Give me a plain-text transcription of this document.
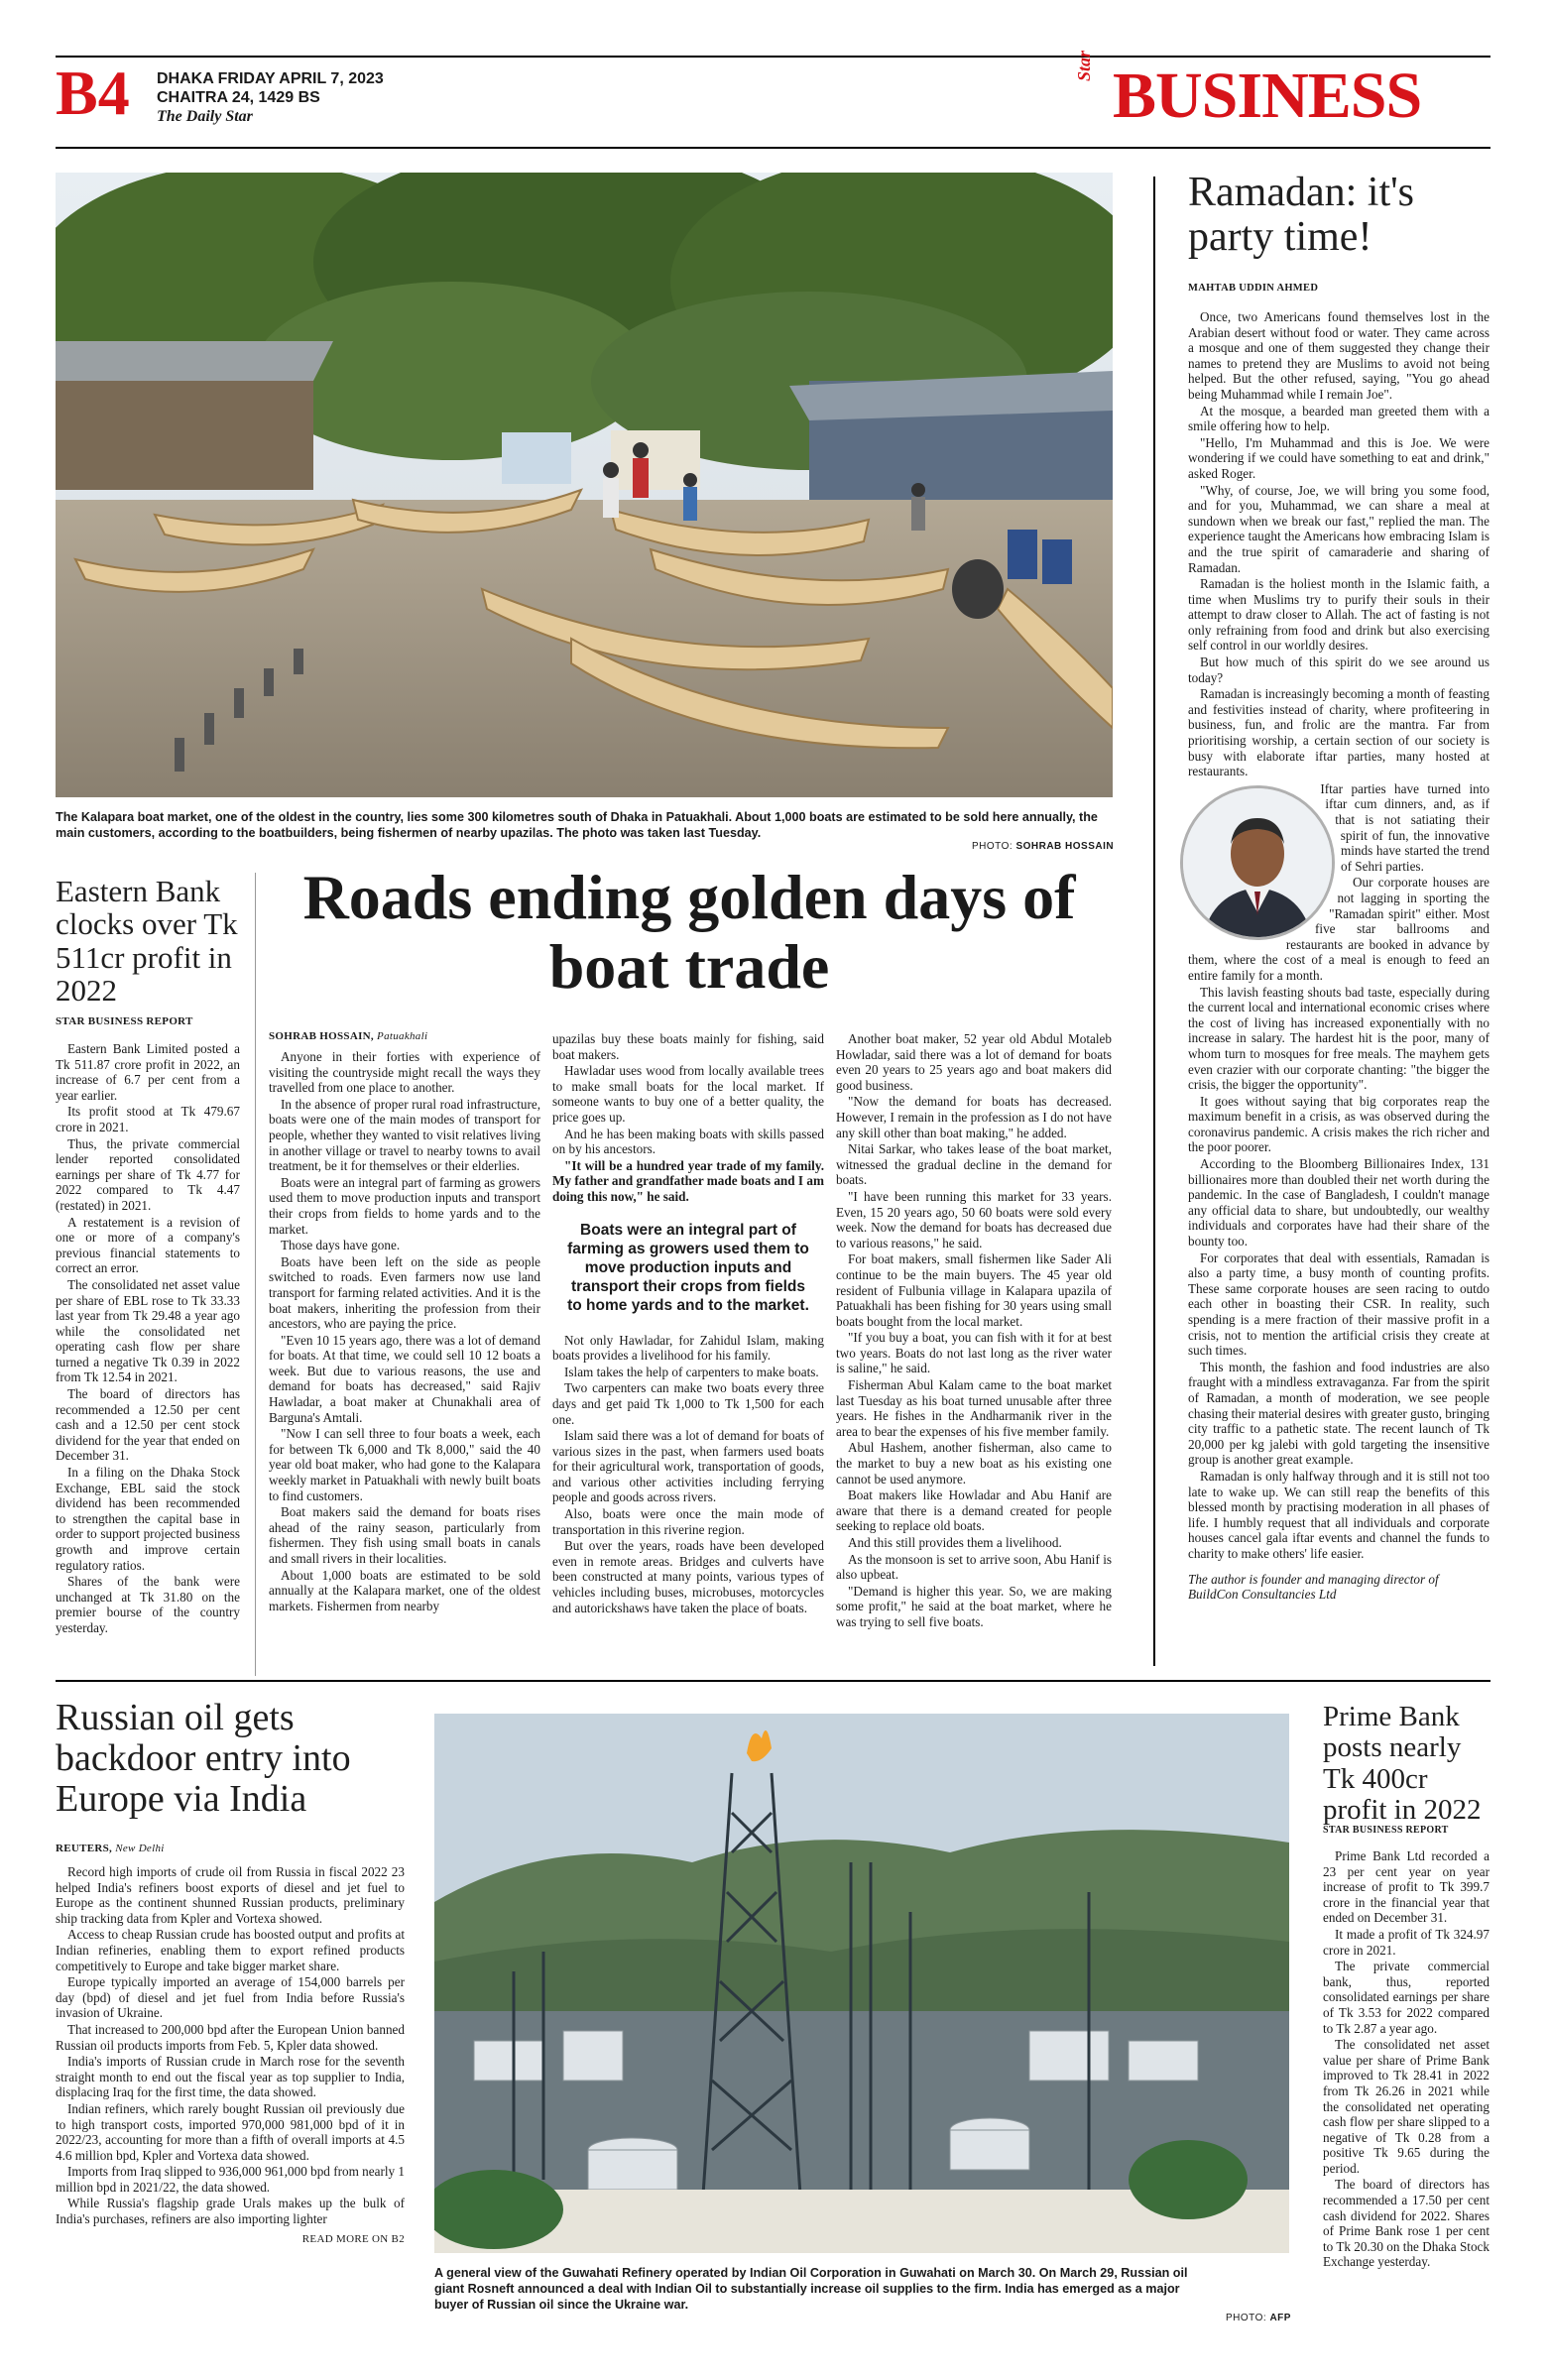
B4 DHAKA FRIDAY APRIL 7, 2023
CHAITRA 24, 1429 BS
The Daily Star
Star BUSINESS
The Kalapara boat market, one of the oldest in the country, lies some 300 kilometres south of Dhaka in Patuakhali. About 1,000 boats are estimated to be sold here annually, the main customers, according to the boatbuilders, being fishermen of nearby upazilas. The photo was taken last Tuesday.
PHOTO: SOHRAB HOSSAIN
Eastern Bank clocks over Tk 511cr profit in 2022
STAR BUSINESS REPORT

Eastern Bank Limited posted a Tk 511.87 crore profit in 2022, an increase of 6.7 per cent from a year earlier.

Its profit stood at Tk 479.67 crore in 2021.

Thus, the private commercial lender reported consolidated earnings per share of Tk 4.77 for 2022 compared to Tk 4.47 (restated) in 2021.

A restatement is a revision of one or more of a company's previous financial statements to correct an error.

The consolidated net asset value per share of EBL rose to Tk 33.33 last year from Tk 29.48 a year ago while the consolidated net operating cash flow per share turned a negative Tk 0.39 in 2022 from Tk 12.54 in 2021.

The board of directors has recommended a 12.50 per cent cash and a 12.50 per cent stock dividend for the year that ended on December 31.

In a filing on the Dhaka Stock Exchange, EBL said the stock dividend has been recommended to strengthen the capital base in order to support projected business growth and improve certain regulatory ratios.

Shares of the bank were unchanged at Tk 31.80 on the premier bourse of the country yesterday.

Roads ending golden days of boat trade
SOHRAB HOSSAIN, Patuakhali

Anyone in their forties with experience of visiting the countryside might recall the ways they travelled from one place to another.

In the absence of proper rural road infrastructure, boats were one of the main modes of transport for people, whether they wanted to visit relatives living in another village or travel to nearby towns to avail treatment, be it for themselves or their elderlies.

Boats were an integral part of farming as growers used them to move production inputs and transport their crops from fields to home yards and to the market.

Those days have gone.

Boats have been left on the side as people switched to roads. Even farmers now use land transport for farming related activities. And it is the boat makers, inheriting the profession from their ancestors, who are paying the price.

"Even 10 15 years ago, there was a lot of demand for boats. At that time, we could sell 10 12 boats a week. But due to various reasons, the use and demand for boats has decreased," said Rajiv Hawladar, a boat maker at Chunakhali area of Barguna's Amtali.

"Now I can sell three to four boats a week, each for between Tk 6,000 and Tk 8,000," said the 40 year old boat maker, who had gone to the Kalapara weekly market in Patuakhali with newly built boats to find customers.

Boat makers said the demand for boats rises ahead of the rainy season, particularly from fishermen. They fish using small boats in canals and small rivers in their localities.

About 1,000 boats are estimated to be sold annually at the Kalapara market, one of the oldest markets. Fishermen from nearby

upazilas buy these boats mainly for fishing, said boat makers.

Hawladar uses wood from locally available trees to make small boats for the local market. If someone wants to buy one of a better quality, the price goes up.

And he has been making boats with skills passed on by his ancestors.

"It will be a hundred year trade of my family. My father and grandfather made boats and I am doing this now," he said.

Boats were an integral part of farming as growers used them to move production inputs and transport their crops from fields to home yards and to the market.

Not only Hawladar, for Zahidul Islam, making boats provides a livelihood for his family.

Islam takes the help of carpenters to make boats.

Two carpenters can make two boats every three days and get paid Tk 1,000 to Tk 1,500 for each one.

Islam said there was a lot of demand for boats of various sizes in the past, when farmers used boats for their agricultural work, transportation of goods, and various other activities including ferrying people and goods across rivers.

Also, boats were once the main mode of transportation in this riverine region.

But over the years, roads have been developed even in remote areas. Bridges and culverts have been constructed at many points, various types of vehicles including buses, microbuses, motorcycles and autorickshaws have taken the place of boats.

Another boat maker, 52 year old Abdul Motaleb Howladar, said there was a lot of demand for boats even 20 years to 25 years ago and boat makers did good business.

"Now the demand for boats has decreased. However, I remain in the profession as I do not have any skill other than boat making," he added.

Nitai Sarkar, who takes lease of the boat market, witnessed the gradual decline in the demand for boats.

"I have been running this market for 33 years. Even, 15 20 years ago, 50 60 boats were sold every week. Now the demand for boats has decreased due to various reasons," he said.

For boat makers, small fishermen like Sader Ali continue to be the main buyers. The 45 year old resident of Fulbunia village in Kalapara upazila of Patuakhali has been fishing for 30 years using small boats bought from the local market.

"If you buy a boat, you can fish with it for at best two years. Boats do not last long as the river water is saline," he said.

Fisherman Abul Kalam came to the boat market last Tuesday as his boat turned unusable after three years. He fishes in the Andharmanik river in the area to bear the expenses of his five member family.

Abul Hashem, another fisherman, also came to the market to buy a new boat as his existing one cannot be used anymore.

Boat makers like Howladar and Abu Hanif are aware that there is a demand created for people seeking to replace old boats.

And this still provides them a livelihood.

As the monsoon is set to arrive soon, Abu Hanif is also upbeat.

"Demand is higher this year. So, we are making some profit," he said at the boat market, where he was trying to sell five boats.

Ramadan: it's party time!
MAHTAB UDDIN AHMED

Once, two Americans found themselves lost in the Arabian desert without food or water. They came across a mosque and one of them suggested they change their names to pretend they are Muslims to avoid not being helped. But the other refused, saying, "You go ahead being Muhammad while I remain Joe".

At the mosque, a bearded man greeted them with a smile offering how to help.

"Hello, I'm Muhammad and this is Joe. We were wondering if we could have something to eat and drink," asked Roger.

"Why, of course, Joe, we will bring you some food, and for you, Muhammad, we can share a meal at sundown when we break our fast," replied the man. The experience taught the Americans how embracing Islam is and the true spirit of camaraderie and sharing of Ramadan.

Ramadan is the holiest month in the Islamic faith, a time when Muslims try to purify their souls in their attempt to draw closer to Allah. The act of fasting is not only refraining from food and drink but also exercising self control in our worldly desires.

But how much of this spirit do we see around us today?

Ramadan is increasingly becoming a month of feasting and festivities instead of charity, where profiteering in business, fun, and frolic are the mantra. Far from prioritising worship, a certain section of our society is busy with elaborate iftar parties, many hosted at restaurants.

Iftar parties have turned into iftar cum dinners, and, as if that is not satiating their spirit of fun, the innovative minds have started the trend of Sehri parties.

Our corporate houses are not lagging in sporting the "Ramadan spirit" either. Most five star ballrooms and restaurants are booked in advance by them, where the cost of a meal is enough to feed an entire family for a month.

This lavish feasting shouts bad taste, especially during the current local and international economic crises where the cost of living has increased exponentially with no increase in salary. The hardest hit is the poor, many of whom turn to mosques for free meals. The mayhem gets even crazier with our corporate chanting: "the bigger the crisis, the bigger the opportunity".

It goes without saying that big corporates reap the maximum benefit in a crisis, as was observed during the coronavirus pandemic. A crisis makes the rich richer and the poor poorer.

According to the Bloomberg Billionaires Index, 131 billionaires more than doubled their net worth during the pandemic. In the case of Bangladesh, I couldn't manage any official data to share, but undoubtedly, our wealthy individuals and corporates have had their share of the bounty too.

For corporates that deal with essentials, Ramadan is also a party time, a busy month of counting profits. These same corporate houses are seen racing to outdo each other in boasting their CSR. In reality, such spending is a mere fraction of their massive profit in a crisis, not to mention the artificial crisis they create at such times.

This month, the fashion and food industries are also fraught with a mindless extravaganza. Far from the spirit of Ramadan, a month of moderation, we see people chasing their material desires with greater gusto, bringing city traffic to a pathetic state. The recent launch of Tk 20,000 per kg jalebi with gold targeting the insensitive group is another great example.

Ramadan is only halfway through and it is still not too late to wake up. We can still reap the benefits of this blessed month by practising moderation in all phases of life. I humbly request that all individuals and corporate houses cancel gala iftar events and channel the funds to charity to make others' life easier.

The author is founder and managing director of BuildCon Consultancies Ltd

Russian oil gets backdoor entry into Europe via India
REUTERS, New Delhi

Record high imports of crude oil from Russia in fiscal 2022 23 helped India's refiners boost exports of diesel and jet fuel to Europe as the continent shunned Russian products, preliminary ship tracking data from Kpler and Vortexa showed.

Access to cheap Russian crude has boosted output and profits at Indian refineries, enabling them to export refined products competitively to Europe and take bigger market share.

Europe typically imported an average of 154,000 barrels per day (bpd) of diesel and jet fuel from India before Russia's invasion of Ukraine.

That increased to 200,000 bpd after the European Union banned Russian oil products imports from Feb. 5, Kpler data showed.

India's imports of Russian crude in March rose for the seventh straight month to end out the fiscal year as top supplier to India, displacing Iraq for the first time, the data showed.

Indian refiners, which rarely bought Russian oil previously due to high transport costs, imported 970,000 981,000 bpd of it in 2022/23, accounting for more than a fifth of overall imports at 4.5 4.6 million bpd, Kpler and Vortexa data showed.

Imports from Iraq slipped to 936,000 961,000 bpd from nearly 1 million bpd in 2021/22, the data showed.

While Russia's flagship grade Urals makes up the bulk of India's purchases, refiners are also importing lighter

READ MORE ON B2
A general view of the Guwahati Refinery operated by Indian Oil Corporation in Guwahati on March 30. On March 29, Russian oil giant Rosneft announced a deal with Indian Oil to substantially increase oil supplies to the firm. India has emerged as a major buyer of Russian oil since the Ukraine war.
PHOTO: AFP
Prime Bank posts nearly Tk 400cr profit in 2022
STAR BUSINESS REPORT

Prime Bank Ltd recorded a 23 per cent year on year increase of profit to Tk 399.7 crore in the financial year that ended on December 31.

It made a profit of Tk 324.97 crore in 2021.

The private commercial bank, thus, reported consolidated earnings per share of Tk 3.53 for 2022 compared to Tk 2.87 a year ago.

The consolidated net asset value per share of Prime Bank improved to Tk 28.41 in 2022 from Tk 26.26 in 2021 while the consolidated net operating cash flow per share slipped to a negative of Tk 0.28 from a positive Tk 9.65 during the period.

The board of directors has recommended a 17.50 per cent cash dividend for 2022. Shares of Prime Bank rose 1 per cent to Tk 20.30 on the Dhaka Stock Exchange yesterday.
